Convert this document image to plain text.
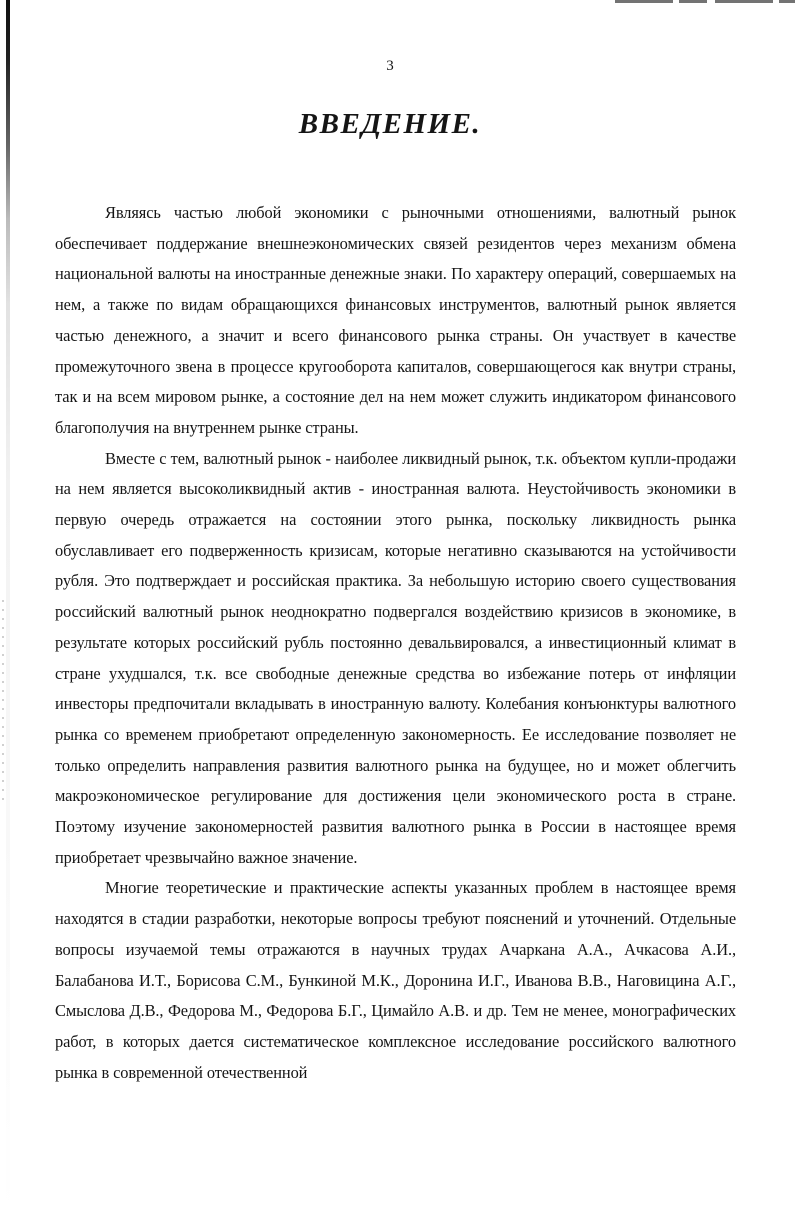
3
ВВЕДЕНИЕ.

Являясь частью любой экономики с рыночными отношениями, валютный рынок обеспечивает поддержание внешнеэкономических связей резидентов через механизм обмена национальной валюты на иностранные денежные знаки. По характеру операций, совершаемых на нем, а также по видам обращающихся финансовых инструментов, валютный рынок является частью денежного, а значит и всего финансового рынка страны. Он участвует в качестве промежуточного звена в процессе кругооборота капиталов, совершающегося как внутри страны, так и на всем мировом рынке, а состояние дел на нем может служить индикатором финансового благополучия на внутреннем рынке страны.

Вместе с тем, валютный рынок - наиболее ликвидный рынок, т.к. объектом купли-продажи на нем является высоколиквидный актив - иностранная валюта. Неустойчивость экономики в первую очередь отражается на состоянии этого рынка, поскольку ликвидность рынка обуславливает его подверженность кризисам, которые негативно сказываются на устойчивости рубля. Это подтверждает и российская практика. За небольшую историю своего существования российский валютный рынок неоднократно подвергался воздействию кризисов в экономике, в результате которых российский рубль постоянно девальвировался, а инвестиционный климат в стране ухудшался, т.к. все свободные денежные средства во избежание потерь от инфляции инвесторы предпочитали вкладывать в иностранную валюту. Колебания конъюнктуры валютного рынка со временем приобретают определенную закономерность. Ее исследование позволяет не только определить направления развития валютного рынка на будущее, но и может облегчить макроэкономическое регулирование для достижения цели экономического роста в стране. Поэтому изучение закономерностей развития валютного рынка в России в настоящее время приобретает чрезвычайно важное значение.

Многие теоретические и практические аспекты указанных проблем в настоящее время находятся в стадии разработки, некоторые вопросы требуют пояснений и уточнений. Отдельные вопросы изучаемой темы отражаются в научных трудах Ачаркана А.А., Ачкасова А.И., Балабанова И.Т., Борисова С.М., Бункиной М.К., Доронина И.Г., Иванова В.В., Наговицина А.Г., Смыслова Д.В., Федорова М., Федорова Б.Г., Цимайло А.В. и др. Тем не менее, монографических работ, в которых дается систематическое комплексное исследование российского валютного рынка в современной отечественной
